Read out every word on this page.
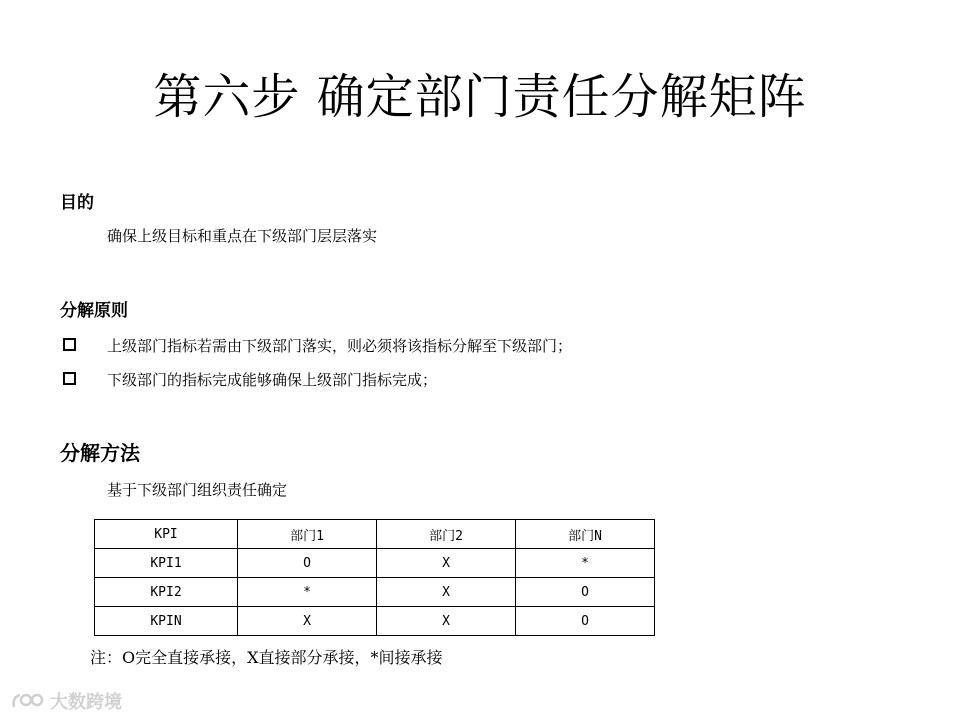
第六步 确定部门责任分解矩阵
目的
确保上级目标和重点在下级部门层层落实
分解原则
上级部门指标若需由下级部门落实，则必须将该指标分解至下级部门；
下级部门的指标完成能够确保上级部门指标完成；
分解方法
基于下级部门组织责任确定
KPI	部门1	部门2	部门N
KPI1	O	X	*
KPI2	*	X	O
KPIN	X	X	O
注：O完全直接承接，X直接部分承接，*间接承接
大数跨境
